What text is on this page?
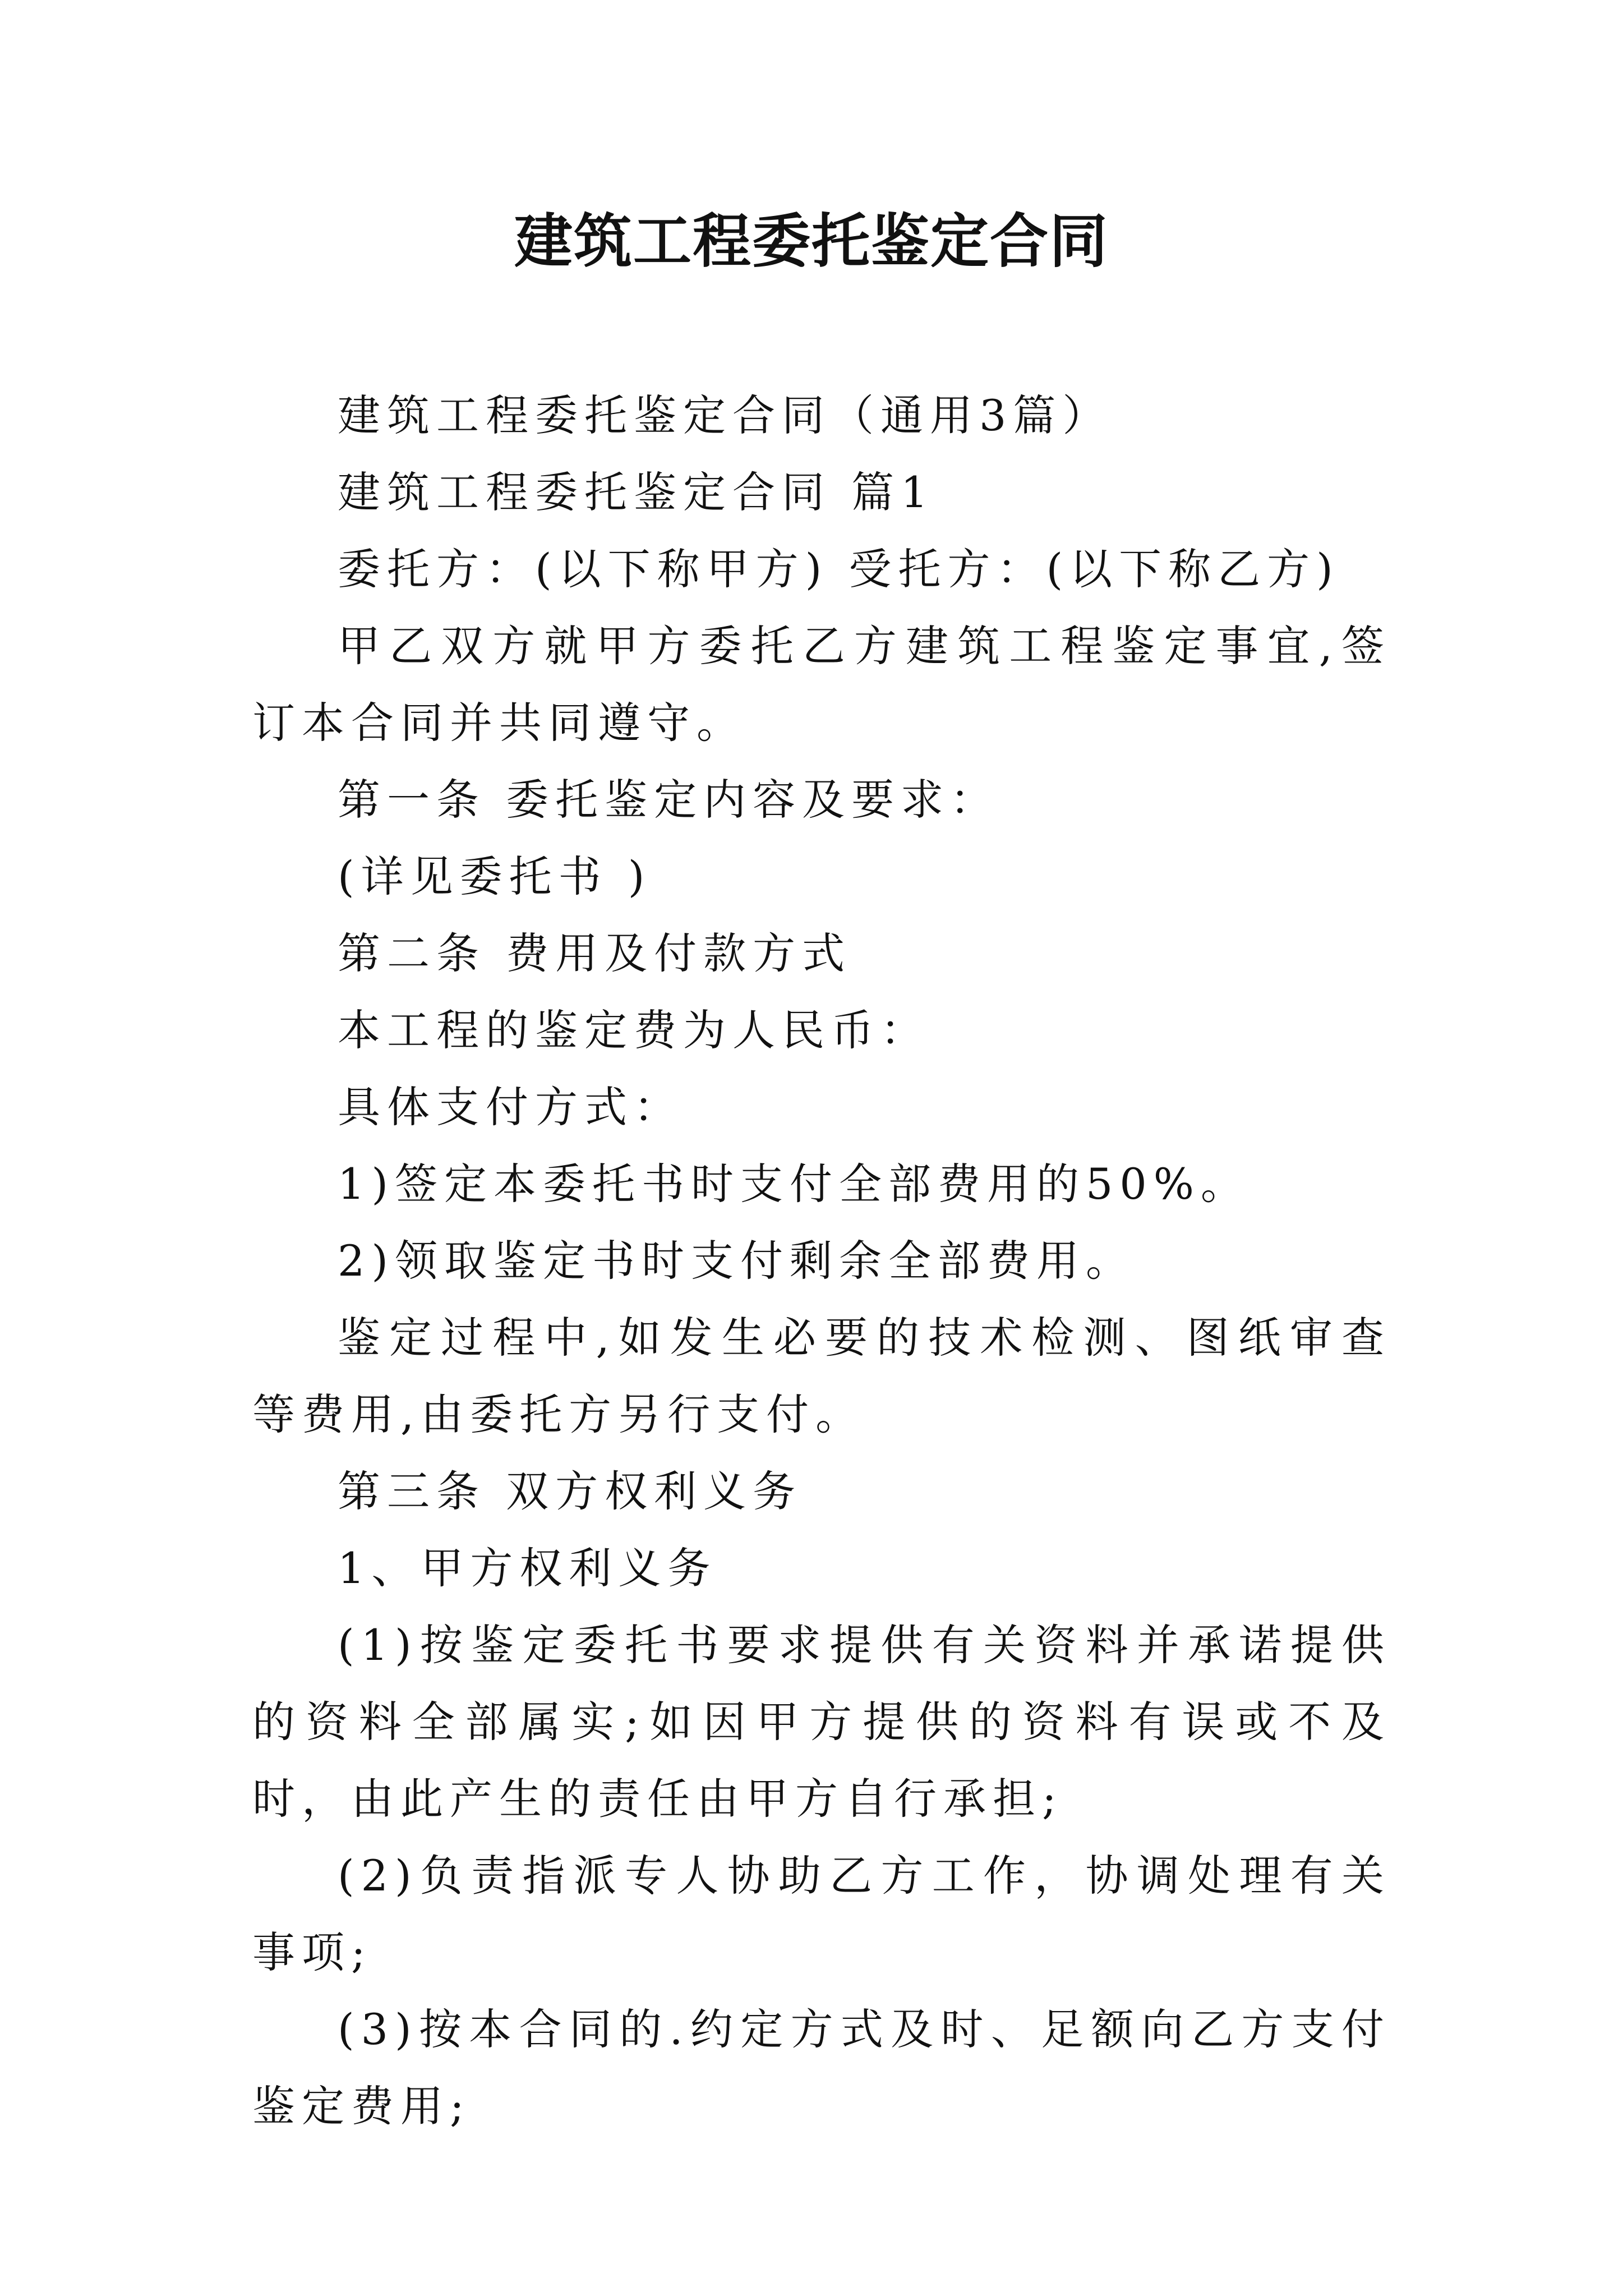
建筑工程委托鉴定合同

建筑工程委托鉴定合同（通用3篇）

建筑工程委托鉴定合同 篇1

委托方：(以下称甲方) 受托方：(以下称乙方)

甲乙双方就甲方委托乙方建筑工程鉴定事宜,签订本合同并共同遵守。

第一条 委托鉴定内容及要求：

(详见委托书 )

第二条 费用及付款方式

本工程的鉴定费为人民币：

具体支付方式：

1)签定本委托书时支付全部费用的50%。

2)领取鉴定书时支付剩余全部费用。

鉴定过程中,如发生必要的技术检测、图纸审查等费用,由委托方另行支付。

第三条 双方权利义务

1、甲方权利义务

(1)按鉴定委托书要求提供有关资料并承诺提供的资料全部属实;如因甲方提供的资料有误或不及时，由此产生的责任由甲方自行承担;

(2)负责指派专人协助乙方工作，协调处理有关事项;

(3)按本合同的.约定方式及时、足额向乙方支付鉴定费用;
